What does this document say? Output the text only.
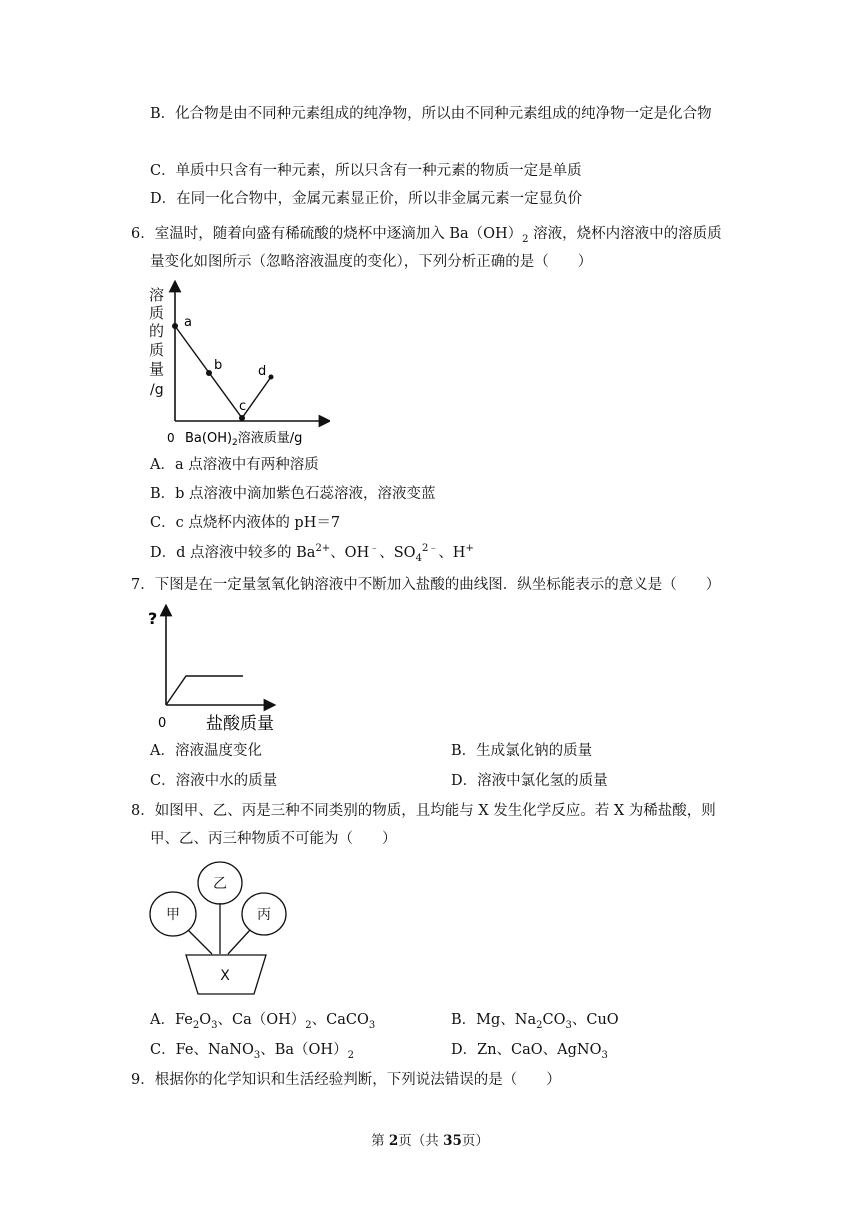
B．化合物是由不同种元素组成的纯净物，所以由不同种元素组成的纯净物一定是化合物
C．单质中只含有一种元素，所以只含有一种元素的物质一定是单质
D．在同一化合物中，金属元素显正价，所以非金属元素一定显负价
6．室温时，随着向盛有稀硫酸的烧杯中逐滴加入 $Ba(OH)_2$ 溶液，烧杯内溶液中的溶质质
量变化如图所示（忽略溶液温度的变化），下列分析正确的是（　　）
溶
质
的
质
量
/g
a
b
c
d
0 $Ba(OH)_2$溶液质量/g
A．a 点溶液中有两种溶质
B．b 点溶液中滴加紫色石蕊溶液，溶液变蓝
C．c 点烧杯内液体的 pH＝7
D．d 点溶液中较多的 $Ba^{2+}$、OH﹣、$SO_4^{2﹣}$、H+
7．下图是在一定量氢氧化钠溶液中不断加入盐酸的曲线图．纵坐标能表示的意义是（　　）
?
0 盐酸质量
A．溶液温度变化	B．生成氯化钠的质量
C．溶液中水的质量	D．溶液中氯化氢的质量
8．如图甲、乙、丙是三种不同类别的物质，且均能与 X 发生化学反应。若 X 为稀盐酸，则
甲、乙、丙三种物质不可能为（　　）
甲
乙
丙
X
A．$Fe_2O_3$、$Ca(OH)_2$、CaCO$_3$	B．Mg、$Na_2CO_3$、CuO
C．Fe、NaNO$_3$、$Ba(OH)_2$	D．Zn、CaO、AgNO$_3$
9．根据你的化学知识和生活经验判断，下列说法错误的是（　　）
第 2页（共 35页）
